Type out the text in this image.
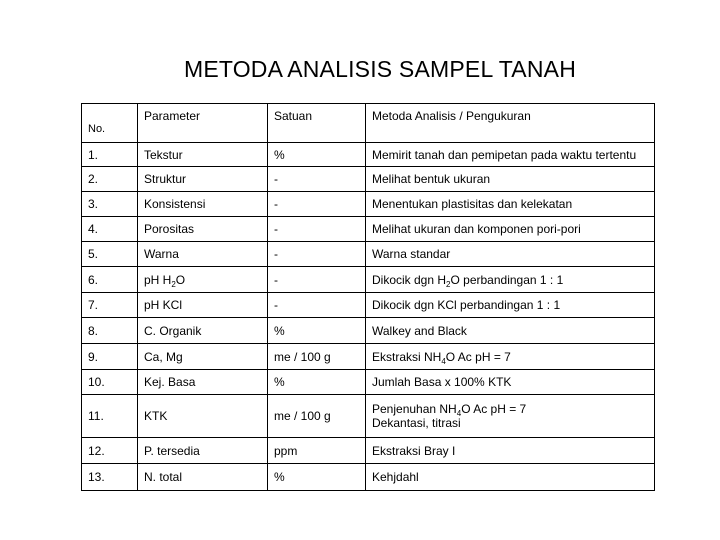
METODA ANALISIS SAMPEL TANAH
No.	Parameter	Satuan	Metoda Analisis / Pengukuran
1.	Tekstur	%	Memirit tanah dan pemipetan pada waktu tertentu
2.	Struktur	-	Melihat bentuk ukuran
3.	Konsistensi	-	Menentukan plastisitas dan kelekatan
4.	Porositas	-	Melihat ukuran dan komponen pori-pori
5.	Warna	-	Warna standar
6.	pH $H_2O$	-	Dikocik dgn $H_2O$ perbandingan 1 : 1
7.	pH KCl	-	Dikocik dgn KCl perbandingan 1 : 1
8.	C. Organik	%	Walkey and Black
9.	Ca, Mg	me / 100 g	Ekstraksi $NH_4O$ Ac pH = 7
10.	Kej. Basa	%	Jumlah Basa x 100% KTK
11.	KTK	me / 100 g	Penjenuhan $NH_4O$ Ac pH = 7
Dekantasi, titrasi

12.	P. tersedia	ppm	Ekstraksi Bray I
13.	N. total	%	Kehjdahl
